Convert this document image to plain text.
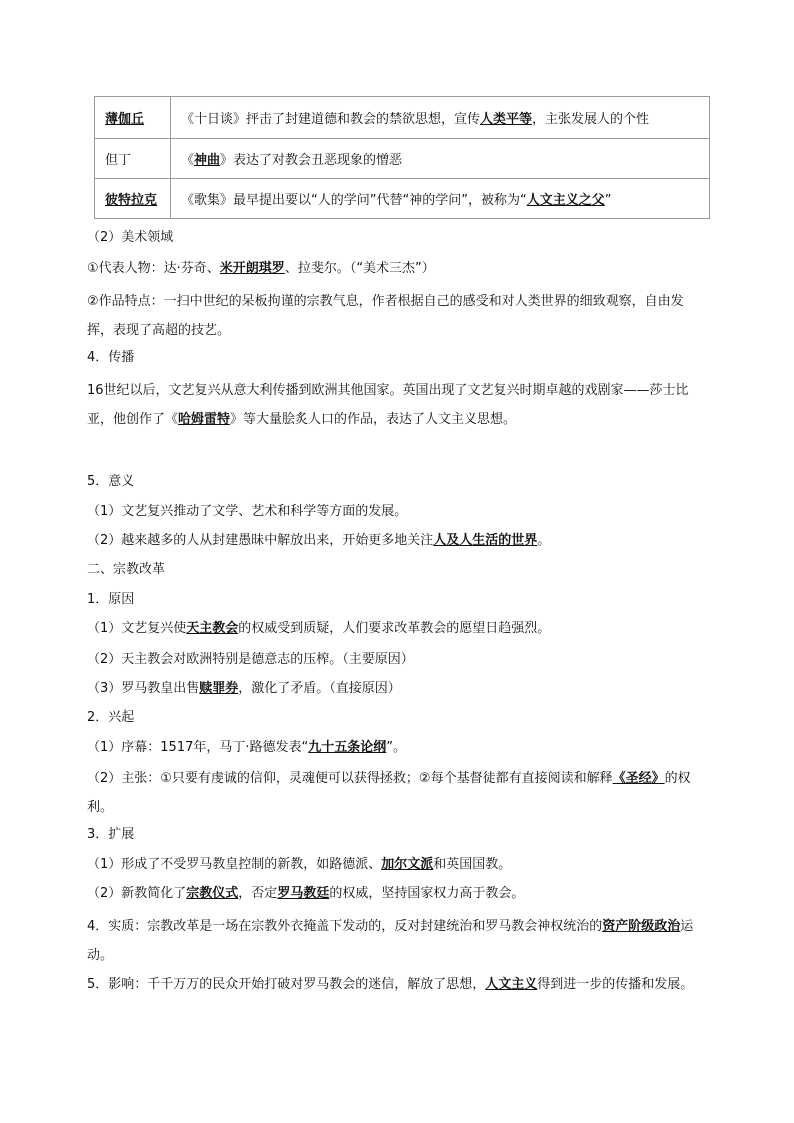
薄伽丘	《十日谈》抨击了封建道德和教会的禁欲思想，宣传人类平等，主张发展人的个性
但丁	《神曲》表达了对教会丑恶现象的憎恶
彼特拉克	《歌集》最早提出要以“人的学问”代替“神的学问”，被称为“人文主义之父”
（2）美术领域
①代表人物：达·芬奇、米开朗琪罗、拉斐尔。（“美术三杰”）
②作品特点：一扫中世纪的呆板拘谨的宗教气息，作者根据自己的感受和对人类世界的细致观察，自由发挥，表现了高超的技艺。
4．传播
16世纪以后，文艺复兴从意大利传播到欧洲其他国家。英国出现了文艺复兴时期卓越的戏剧家——莎士比亚，他创作了《哈姆雷特》等大量脍炙人口的作品，表达了人文主义思想。
5．意义
（1）文艺复兴推动了文学、艺术和科学等方面的发展。
（2）越来越多的人从封建愚昧中解放出来，开始更多地关注人及人生活的世界。
二、宗教改革
1．原因
（1）文艺复兴使天主教会的权威受到质疑，人们要求改革教会的愿望日趋强烈。
（2）天主教会对欧洲特别是德意志的压榨。（主要原因）
（3）罗马教皇出售赎罪券，激化了矛盾。（直接原因）
2．兴起
（1）序幕：1517年，马丁·路德发表“九十五条论纲”。
（2）主张：①只要有虔诚的信仰，灵魂便可以获得拯救；②每个基督徒都有直接阅读和解释《圣经》的权利。
3．扩展
（1）形成了不受罗马教皇控制的新教，如路德派、加尔文派和英国国教。
（2）新教简化了宗教仪式，否定罗马教廷的权威，坚持国家权力高于教会。
4．实质：宗教改革是一场在宗教外衣掩盖下发动的，反对封建统治和罗马教会神权统治的资产阶级政治运动。
5．影响：千千万万的民众开始打破对罗马教会的迷信，解放了思想，人文主义得到进一步的传播和发展。
